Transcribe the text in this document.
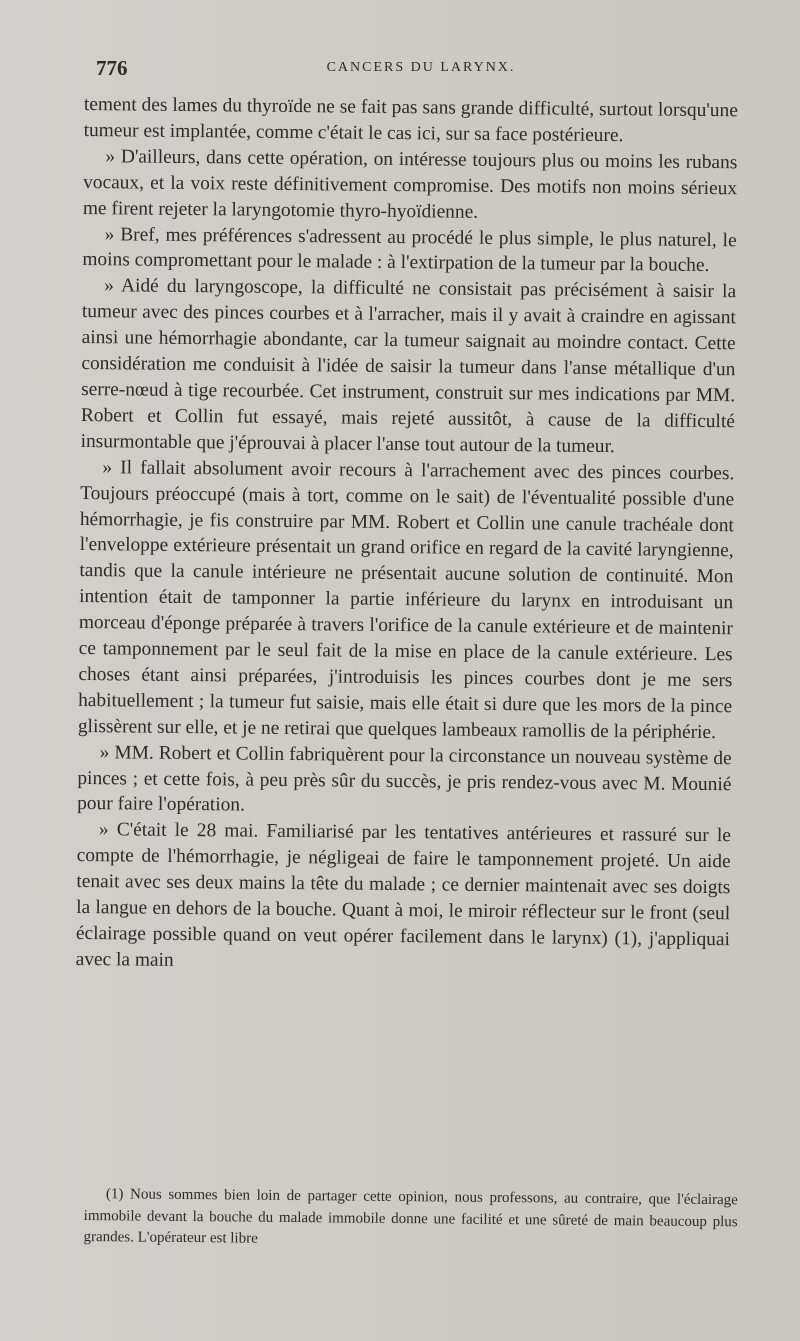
776	CANCERS DU LARYNX.

tement des lames du thyroïde ne se fait pas sans grande difficulté, surtout lorsqu'une tumeur est implantée, comme c'était le cas ici, sur sa face postérieure.

» D'ailleurs, dans cette opération, on intéresse toujours plus ou moins les rubans vocaux, et la voix reste définitivement compromise. Des motifs non moins sérieux me firent rejeter la laryngotomie thyro-hyoïdienne.

» Bref, mes préférences s'adressent au procédé le plus simple, le plus naturel, le moins compromettant pour le malade : à l'extirpation de la tumeur par la bouche.

» Aidé du laryngoscope, la difficulté ne consistait pas précisément à saisir la tumeur avec des pinces courbes et à l'arracher, mais il y avait à craindre en agissant ainsi une hémorrhagie abondante, car la tumeur saignait au moindre contact. Cette considération me conduisit à l'idée de saisir la tumeur dans l'anse métallique d'un serre-nœud à tige recourbée. Cet instrument, construit sur mes indications par MM. Robert et Collin fut essayé, mais rejeté aussitôt, à cause de la difficulté insurmontable que j'éprouvai à placer l'anse tout autour de la tumeur.

» Il fallait absolument avoir recours à l'arrachement avec des pinces courbes. Toujours préoccupé (mais à tort, comme on le sait) de l'éventualité possible d'une hémorrhagie, je fis construire par MM. Robert et Collin une canule trachéale dont l'enveloppe extérieure présentait un grand orifice en regard de la cavité laryngienne, tandis que la canule intérieure ne présentait aucune solution de continuité. Mon intention était de tamponner la partie inférieure du larynx en introduisant un morceau d'éponge préparée à travers l'orifice de la canule extérieure et de maintenir ce tamponnement par le seul fait de la mise en place de la canule extérieure. Les choses étant ainsi préparées, j'introduisis les pinces courbes dont je me sers habituellement ; la tumeur fut saisie, mais elle était si dure que les mors de la pince glissèrent sur elle, et je ne retirai que quelques lambeaux ramollis de la périphérie.

» MM. Robert et Collin fabriquèrent pour la circonstance un nouveau système de pinces ; et cette fois, à peu près sûr du succès, je pris rendez-vous avec M. Mounié pour faire l'opération.

» C'était le 28 mai. Familiarisé par les tentatives antérieures et rassuré sur le compte de l'hémorrhagie, je négligeai de faire le tamponnement projeté. Un aide tenait avec ses deux mains la tête du malade ; ce dernier maintenait avec ses doigts la langue en dehors de la bouche. Quant à moi, le miroir réflecteur sur le front (seul éclairage possible quand on veut opérer facilement dans le larynx) (1), j'appliquai avec la main

(1) Nous sommes bien loin de partager cette opinion, nous professons, au contraire, que l'éclairage immobile devant la bouche du malade immobile donne une facilité et une sûreté de main beaucoup plus grandes. L'opérateur est libre
